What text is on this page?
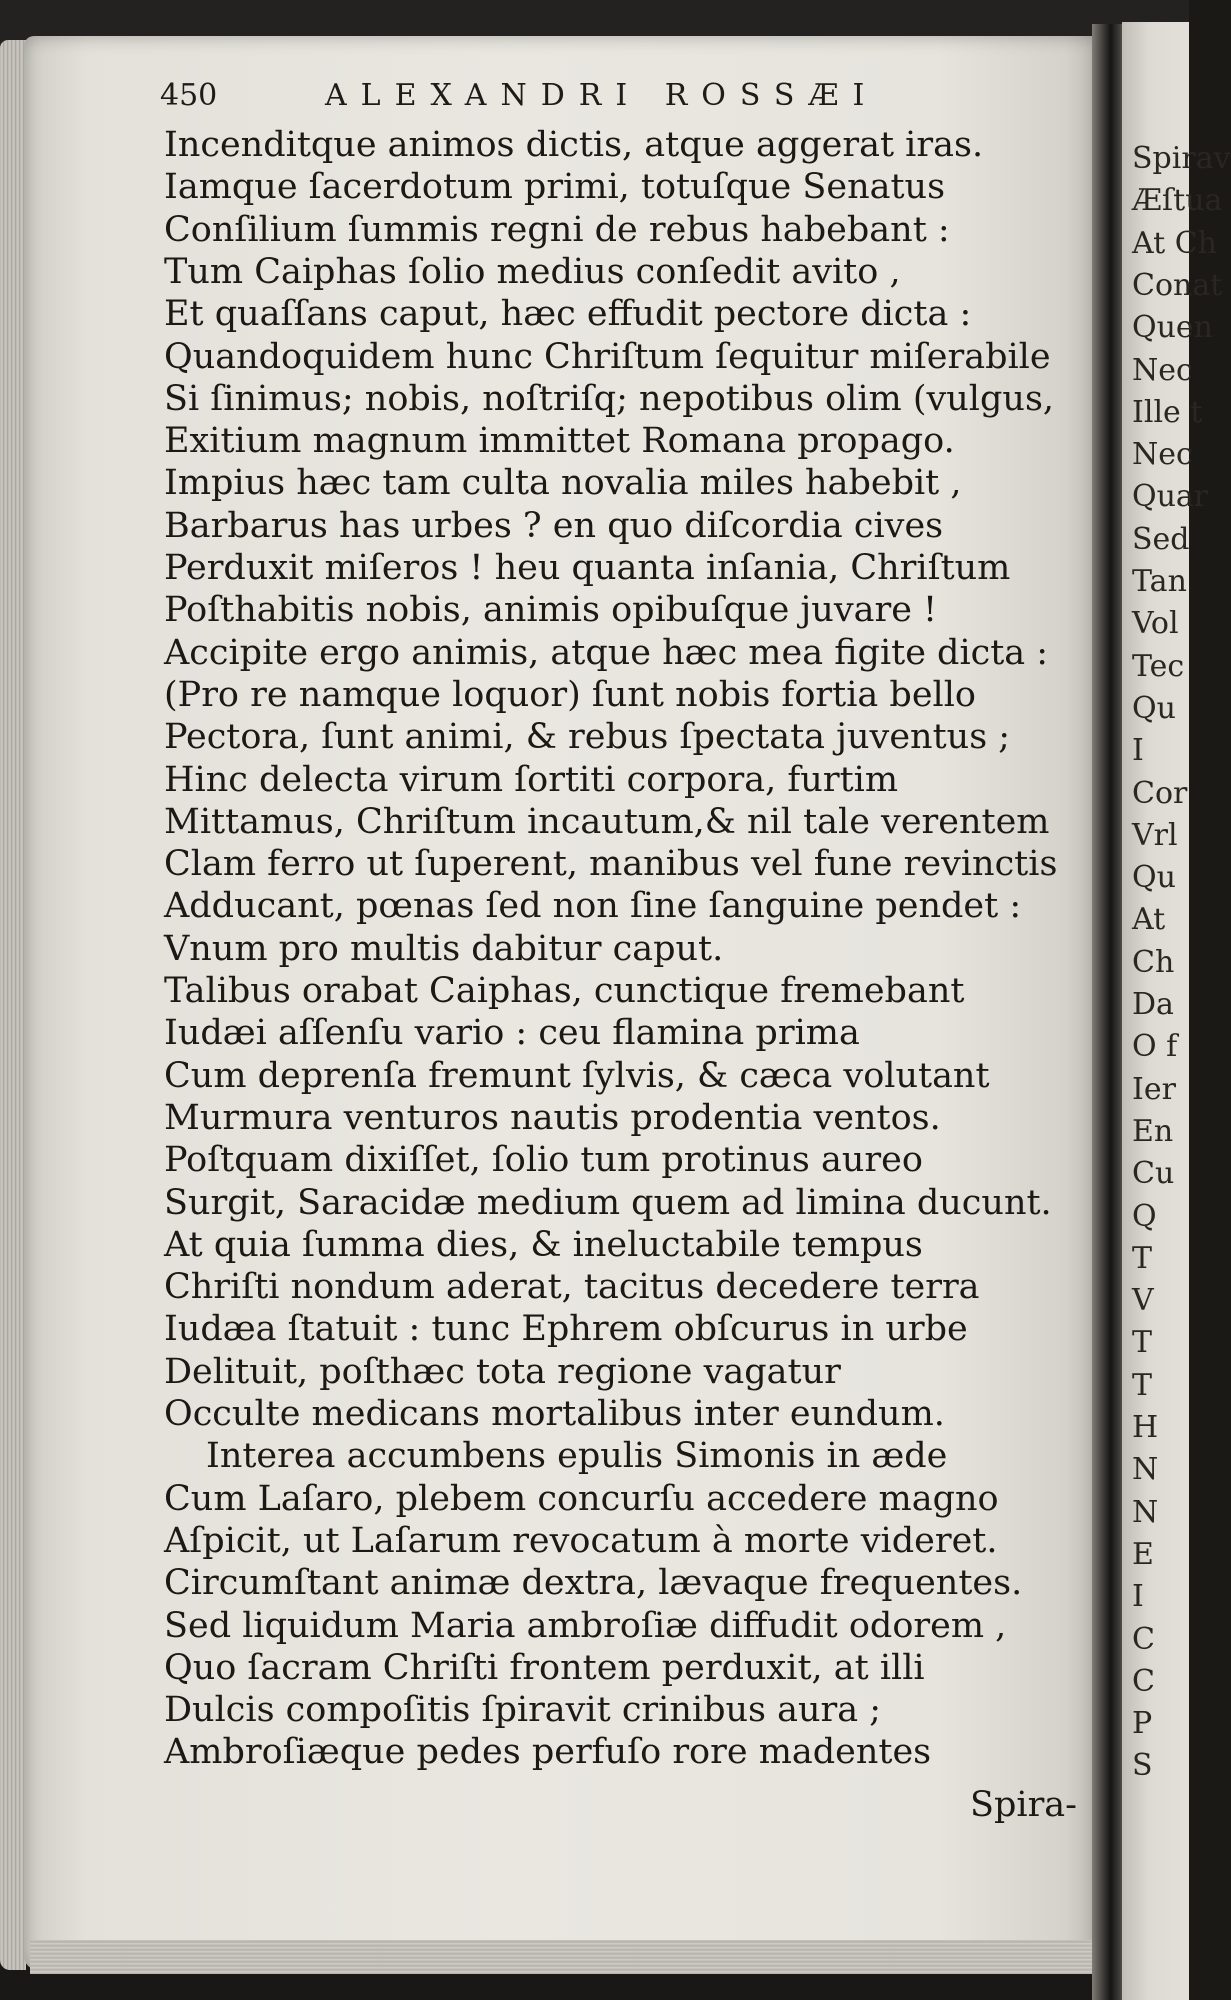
Spirav
Æſtua
At Ch
Conat
Quen
Nec
Ille t
Nec
Quar
Sed
Tan
Vol
Tec
Qu
I
Cor
Vrl
Qu
At
Ch
Da
O f
Ier
En
Cu
Q
T
V
T
T
H
N
N
E
I
C
C
P
S
450	ALEXANDRI ROSSÆI
Incenditque animos dictis, atque aggerat iras.
Iamque ſacerdotum primi, totuſque Senatus
Conſilium ſummis regni de rebus habebant :
Tum Caiphas ſolio medius conſedit avito ,
Et quaſſans caput, hæc effudit pectore dicta :
Quandoquidem hunc Chriſtum ſequitur miſerabile
Si ſinimus; nobis, noſtriſq; nepotibus olim (vulgus,
Exitium magnum immittet Romana propago.
Impius hæc tam culta novalia miles habebit ,
Barbarus has urbes ? en quo diſcordia cives
Perduxit miſeros ! heu quanta inſania, Chriſtum
Poſthabitis nobis, animis opibuſque juvare !
Accipite ergo animis, atque hæc mea figite dicta :
(Pro re namque loquor) ſunt nobis fortia bello
Pectora, ſunt animi, & rebus ſpectata juventus ;
Hinc delecta virum ſortiti corpora, furtim
Mittamus, Chriſtum incautum,& nil tale verentem
Clam ferro ut ſuperent, manibus vel fune revinctis
Adducant, pœnas ſed non ſine ſanguine pendet :
Vnum pro multis dabitur caput.
Talibus orabat Caiphas, cunctique fremebant
Iudæi aſſenſu vario : ceu flamina prima
Cum deprenſa fremunt ſylvis, & cæca volutant
Murmura venturos nautis prodentia ventos.
Poſtquam dixiſſet, ſolio tum protinus aureo
Surgit, Saracidæ medium quem ad limina ducunt.
At quia ſumma dies, & ineluctabile tempus
Chriſti nondum aderat, tacitus decedere terra
Iudæa ſtatuit : tunc Ephrem obſcurus in urbe
Delituit, poſthæc tota regione vagatur
Occulte medicans mortalibus inter eundum.
Interea accumbens epulis Simonis in æde
Cum Laſaro, plebem concurſu accedere magno
Aſpicit, ut Laſarum revocatum à morte videret.
Circumſtant animæ dextra, lævaque frequentes.
Sed liquidum Maria ambroſiæ diffudit odorem ,
Quo ſacram Chriſti frontem perduxit, at illi
Dulcis compoſitis ſpiravit crinibus aura ;
Ambroſiæque pedes perfuſo rore madentes
Spira-
